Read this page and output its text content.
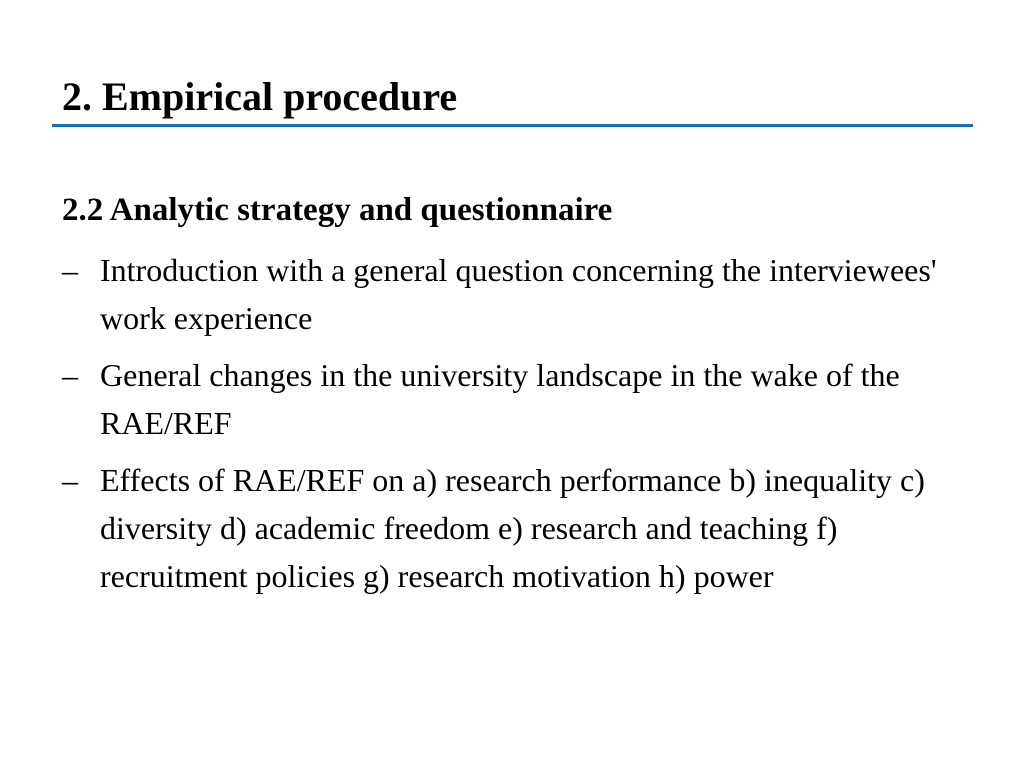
2. Empirical procedure
2.2 Analytic strategy and questionnaire
– Introduction with a general question concerning the interviewees' work experience
– General changes in the university landscape in the wake of the RAE/REF
– Effects of RAE/REF on a) research performance b) inequality c) diversity d) academic freedom e) research and teaching f) recruitment policies g) research motivation h) power
